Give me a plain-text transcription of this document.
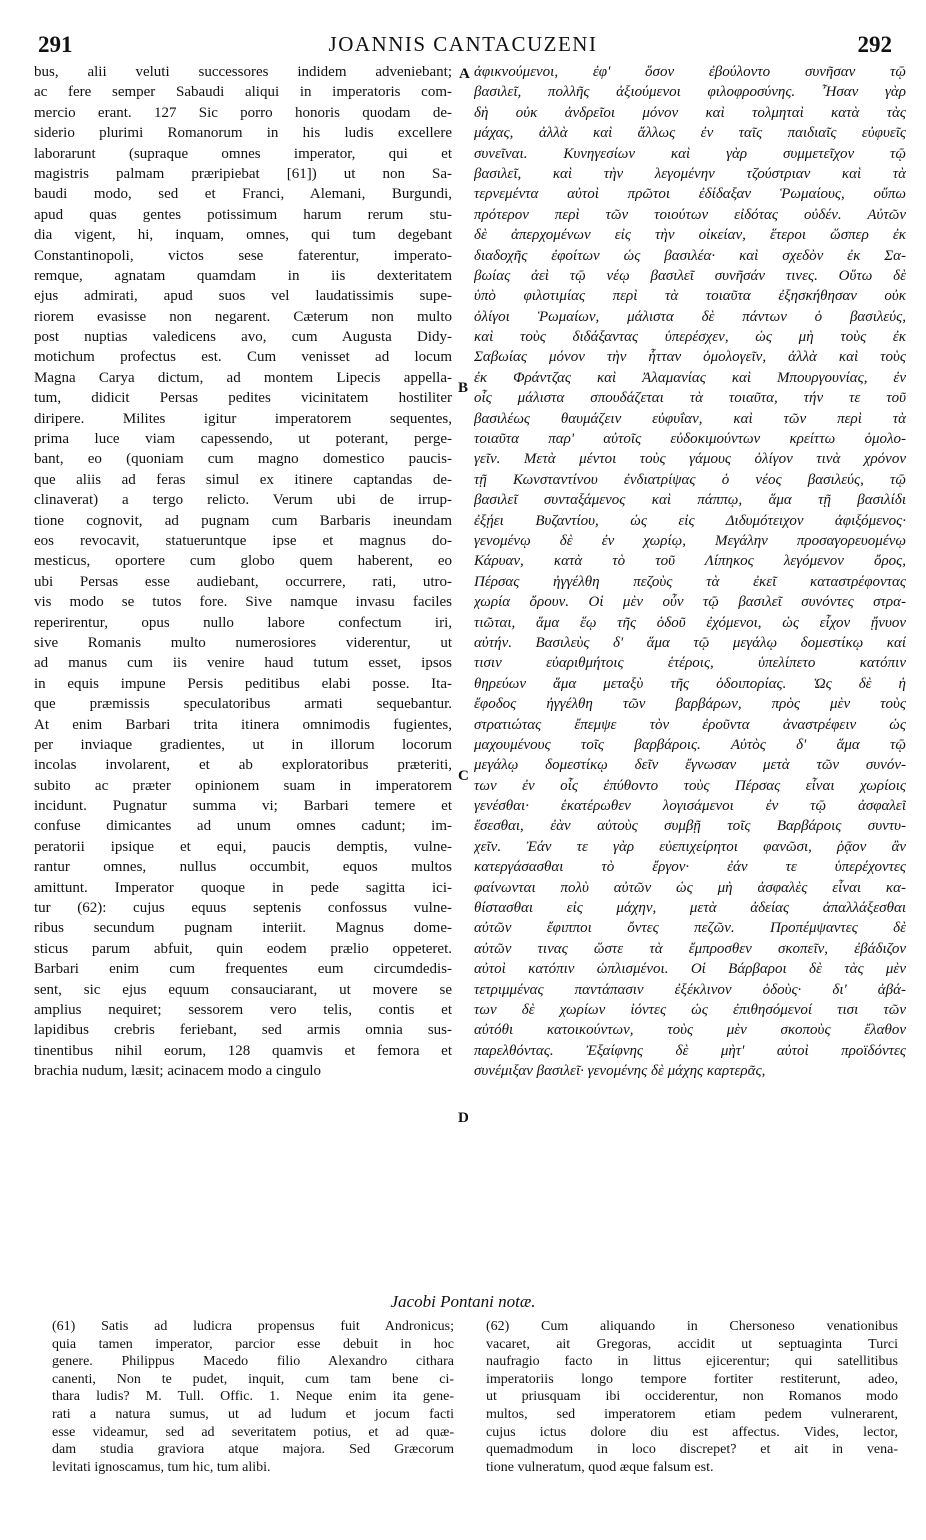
291	JOANNIS CANTACUZENI	292
bus, alii veluti successores indidem adveniebant;
ac fere semper Sabaudi aliqui in imperatoris com-
mercio erant. 127 Sic porro honoris quodam de-
siderio plurimi Romanorum in his ludis excellere
laborarunt (supraque omnes imperator, qui et
magistris palmam præripiebat [61]) ut non Sa-
baudi modo, sed et Franci, Alemani, Burgundi,
apud quas gentes potissimum harum rerum stu-
dia vigent, hi, inquam, omnes, qui tum degebant
Constantinopoli, victos sese faterentur, imperato-
remque, agnatam quamdam in iis dexteritatem
ejus admirati, apud suos vel laudatissimis supe-
riorem evasisse non negarent. Cæterum non multo
post nuptias valedicens avo, cum Augusta Didy-
motichum profectus est. Cum venisset ad locum
Magna Carya dictum, ad montem Lipecis appella-
tum, didicit Persas pedites vicinitatem hostiliter
diripere. Milites igitur imperatorem sequentes,
prima luce viam capessendo, ut poterant, perge-
bant, eo (quoniam cum magno domestico paucis-
que aliis ad feras simul ex itinere captandas de-
clinaverat) a tergo relicto. Verum ubi de irrup-
tione cognovit, ad pugnam cum Barbaris ineundam
eos revocavit, statueruntque ipse et magnus do-
mesticus, oportere cum globo quem haberent, eo
ubi Persas esse audiebant, occurrere, rati, utro-
vis modo se tutos fore. Sive namque invasu faciles
reperirentur, opus nullo labore confectum iri,
sive Romanis multo numerosiores viderentur, ut
ad manus cum iis venire haud tutum esset, ipsos
in equis impune Persis peditibus elabi posse. Ita-
que præmissis speculatoribus armati sequebantur.
At enim Barbari trita itinera omnimodis fugientes,
per inviaque gradientes, ut in illorum locorum
incolas involarent, et ab exploratoribus præteriti,
subito ac præter opinionem suam in imperatorem
incidunt. Pugnatur summa vi; Barbari temere et
confuse dimicantes ad unum omnes cadunt; im-
peratorii ipsique et equi, paucis demptis, vulne-
rantur omnes, nullus occumbit, equos multos
amittunt. Imperator quoque in pede sagitta ici-
tur (62): cujus equus septenis confossus vulne-
ribus secundum pugnam interiit. Magnus dome-
sticus parum abfuit, quin eodem prælio oppeteret.
Barbari enim cum frequentes eum circumdedis-
sent, sic ejus equum consauciarant, ut movere se
amplius nequiret; sessorem vero telis, contis et
lapidibus crebris feriebant, sed armis omnia sus-
tinentibus nihil eorum, 128 quamvis et femora et
brachia nudum, læsit; acinacem modo a cingulo
ἀφικνούμενοι, ἐφ' ὅσον ἐβούλοντο συνῆσαν τῷ
βασιλεῖ, πολλῆς ἀξιούμενοι φιλοφροσύνης. Ἦσαν γὰρ
δὴ οὐκ ἀνδρεῖοι μόνον καὶ τολμηταὶ κατὰ τὰς
μάχας, ἀλλὰ καὶ ἄλλως ἐν ταῖς παιδιαῖς εὐφυεῖς
συνεῖναι. Κυνηγεσίων καὶ γὰρ συμμετεῖχον τῷ
βασιλεῖ, καὶ τὴν λεγομένην τζούστριαν καὶ τὰ
τερνεμέντα αὐτοὶ πρῶτοι ἐδίδαξαν Ῥωμαίους, οὔπω
πρότερον περὶ τῶν τοιούτων εἰδότας οὐδέν. Αὐτῶν
δὲ ἀπερχομένων εἰς τὴν οἰκείαν, ἕτεροι ὥσπερ ἐκ
διαδοχῆς ἐφοίτων ὡς βασιλέα· καὶ σχεδὸν ἐκ Σα-
βωίας ἀεὶ τῷ νέῳ βασιλεῖ συνῆσάν τινες. Οὕτω δὲ
ὑπὸ φιλοτιμίας περὶ τὰ τοιαῦτα ἐξησκήθησαν οὐκ
ὀλίγοι Ῥωμαίων, μάλιστα δὲ πάντων ὁ βασιλεύς,
καὶ τοὺς διδάξαντας ὑπερέσχεν, ὡς μὴ τοὺς ἐκ
Σαβωίας μόνον τὴν ἧτταν ὁμολογεῖν, ἀλλὰ καὶ τοὺς
ἐκ Φράντζας καὶ Ἀλαμανίας καὶ Μπουργουνίας, ἐν
οἷς μάλιστα σπουδάζεται τὰ τοιαῦτα, τήν τε τοῦ
βασιλέως θαυμάζειν εὐφυΐαν, καὶ τῶν περὶ τὰ
τοιαῦτα παρ' αὐτοῖς εὐδοκιμούντων κρείττω ὁμολο-
γεῖν. Μετὰ μέντοι τοὺς γάμους ὀλίγον τινὰ χρόνον
τῇ Κωνσταντίνου ἐνδιατρίψας ὁ νέος βασιλεύς, τῷ
βασιλεῖ συνταξάμενος καὶ πάππῳ, ἅμα τῇ βασιλίδι
ἐξῄει Βυζαντίου, ὡς εἰς Διδυμότειχον ἀφιξόμενος·
γενομένῳ δὲ ἐν χωρίῳ, Μεγάλην προσαγορευομένῳ
Κάρυαν, κατὰ τὸ τοῦ Λίπηκος λεγόμενον ὄρος,
Πέρσας ἠγγέλθη πεζοὺς τὰ ἐκεῖ καταστρέφοντας
χωρία ὄρουν. Οἱ μὲν οὖν τῷ βασιλεῖ συνόντες στρα-
τιῶται, ἅμα ἕῳ τῆς ὁδοῦ ἐχόμενοι, ὡς εἶχον ᾔνυον
αὐτήν. Βασιλεὺς δ' ἅμα τῷ μεγάλῳ δομεστίκῳ καί
τισιν εὐαριθμήτοις ἑτέροις, ὑπελίπετο κατόπιν
θηρεύων ἅμα μεταξὺ τῆς ὁδοιπορίας. Ὡς δὲ ἡ
ἔφοδος ἠγγέλθη τῶν βαρβάρων, πρὸς μὲν τοὺς
στρατιώτας ἔπεμψε τὸν ἐροῦντα ἀναστρέφειν ὡς
μαχουμένους τοῖς βαρβάροις. Αὐτὸς δ' ἅμα τῷ
μεγάλῳ δομεστίκῳ δεῖν ἔγνωσαν μετὰ τῶν συνόν-
των ἐν οἷς ἐπύθοντο τοὺς Πέρσας εἶναι χωρίοις
γενέσθαι· ἑκατέρωθεν λογισάμενοι ἐν τῷ ἀσφαλεῖ
ἔσεσθαι, ἐὰν αὐτοὺς συμβῇ τοῖς Βαρβάροις συντυ-
χεῖν. Ἐάν τε γὰρ εὐεπιχείρητοι φανῶσι, ῥᾷον ἂν
κατεργάσασθαι τὸ ἔργον· ἐάν τε ὑπερέχοντες
φαίνωνται πολὺ αὐτῶν ὡς μὴ ἀσφαλὲς εἶναι κα-
θίστασθαι εἰς μάχην, μετὰ ἀδείας ἀπαλλάξεσθαι
αὐτῶν ἔφιπποι ὄντες πεζῶν. Προπέμψαντες δὲ
αὐτῶν τινας ὥστε τὰ ἔμπροσθεν σκοπεῖν, ἐβάδιζον
αὐτοὶ κατόπιν ὡπλισμένοι. Οἱ Βάρβαροι δὲ τὰς μὲν
τετριμμένας παντάπασιν ἐξέκλινον ὁδοὺς· δι' ἀβά-
των δὲ χωρίων ἰόντες ὡς ἐπιθησόμενοί τισι τῶν
αὐτόθι κατοικούντων, τοὺς μὲν σκοποὺς ἔλαθον
παρελθόντας. Ἐξαίφνης δὲ μὴτ' αὐτοὶ προϊδόντες
συνέμιξαν βασιλεῖ· γενομένης δὲ μάχης καρτερᾶς,
A
B
C
D
Jacobi Pontani notæ.
(61) Satis ad ludicra propensus fuit Andronicus;
quia tamen imperator, parcior esse debuit in hoc
genere. Philippus Macedo filio Alexandro cithara
canenti, Non te pudet, inquit, cum tam bene ci-
thara ludis? M. Tull. Offic. 1. Neque enim ita gene-
rati a natura sumus, ut ad ludum et jocum facti
esse videamur, sed ad severitatem potius, et ad quæ-
dam studia graviora atque majora. Sed Græcorum
levitati ignoscamus, tum hic, tum alibi.
(62) Cum aliquando in Chersoneso venationibus
vacaret, ait Gregoras, accidit ut septuaginta Turci
naufragio facto in littus ejicerentur; qui satellitibus
imperatoriis longo tempore fortiter restiterunt, adeo,
ut priusquam ibi occiderentur, non Romanos modo
multos, sed imperatorem etiam pedem vulnerarent,
cujus ictus dolore diu est affectus. Vides, lector,
quemadmodum in loco discrepet? et ait in vena-
tione vulneratum, quod æque falsum est.
